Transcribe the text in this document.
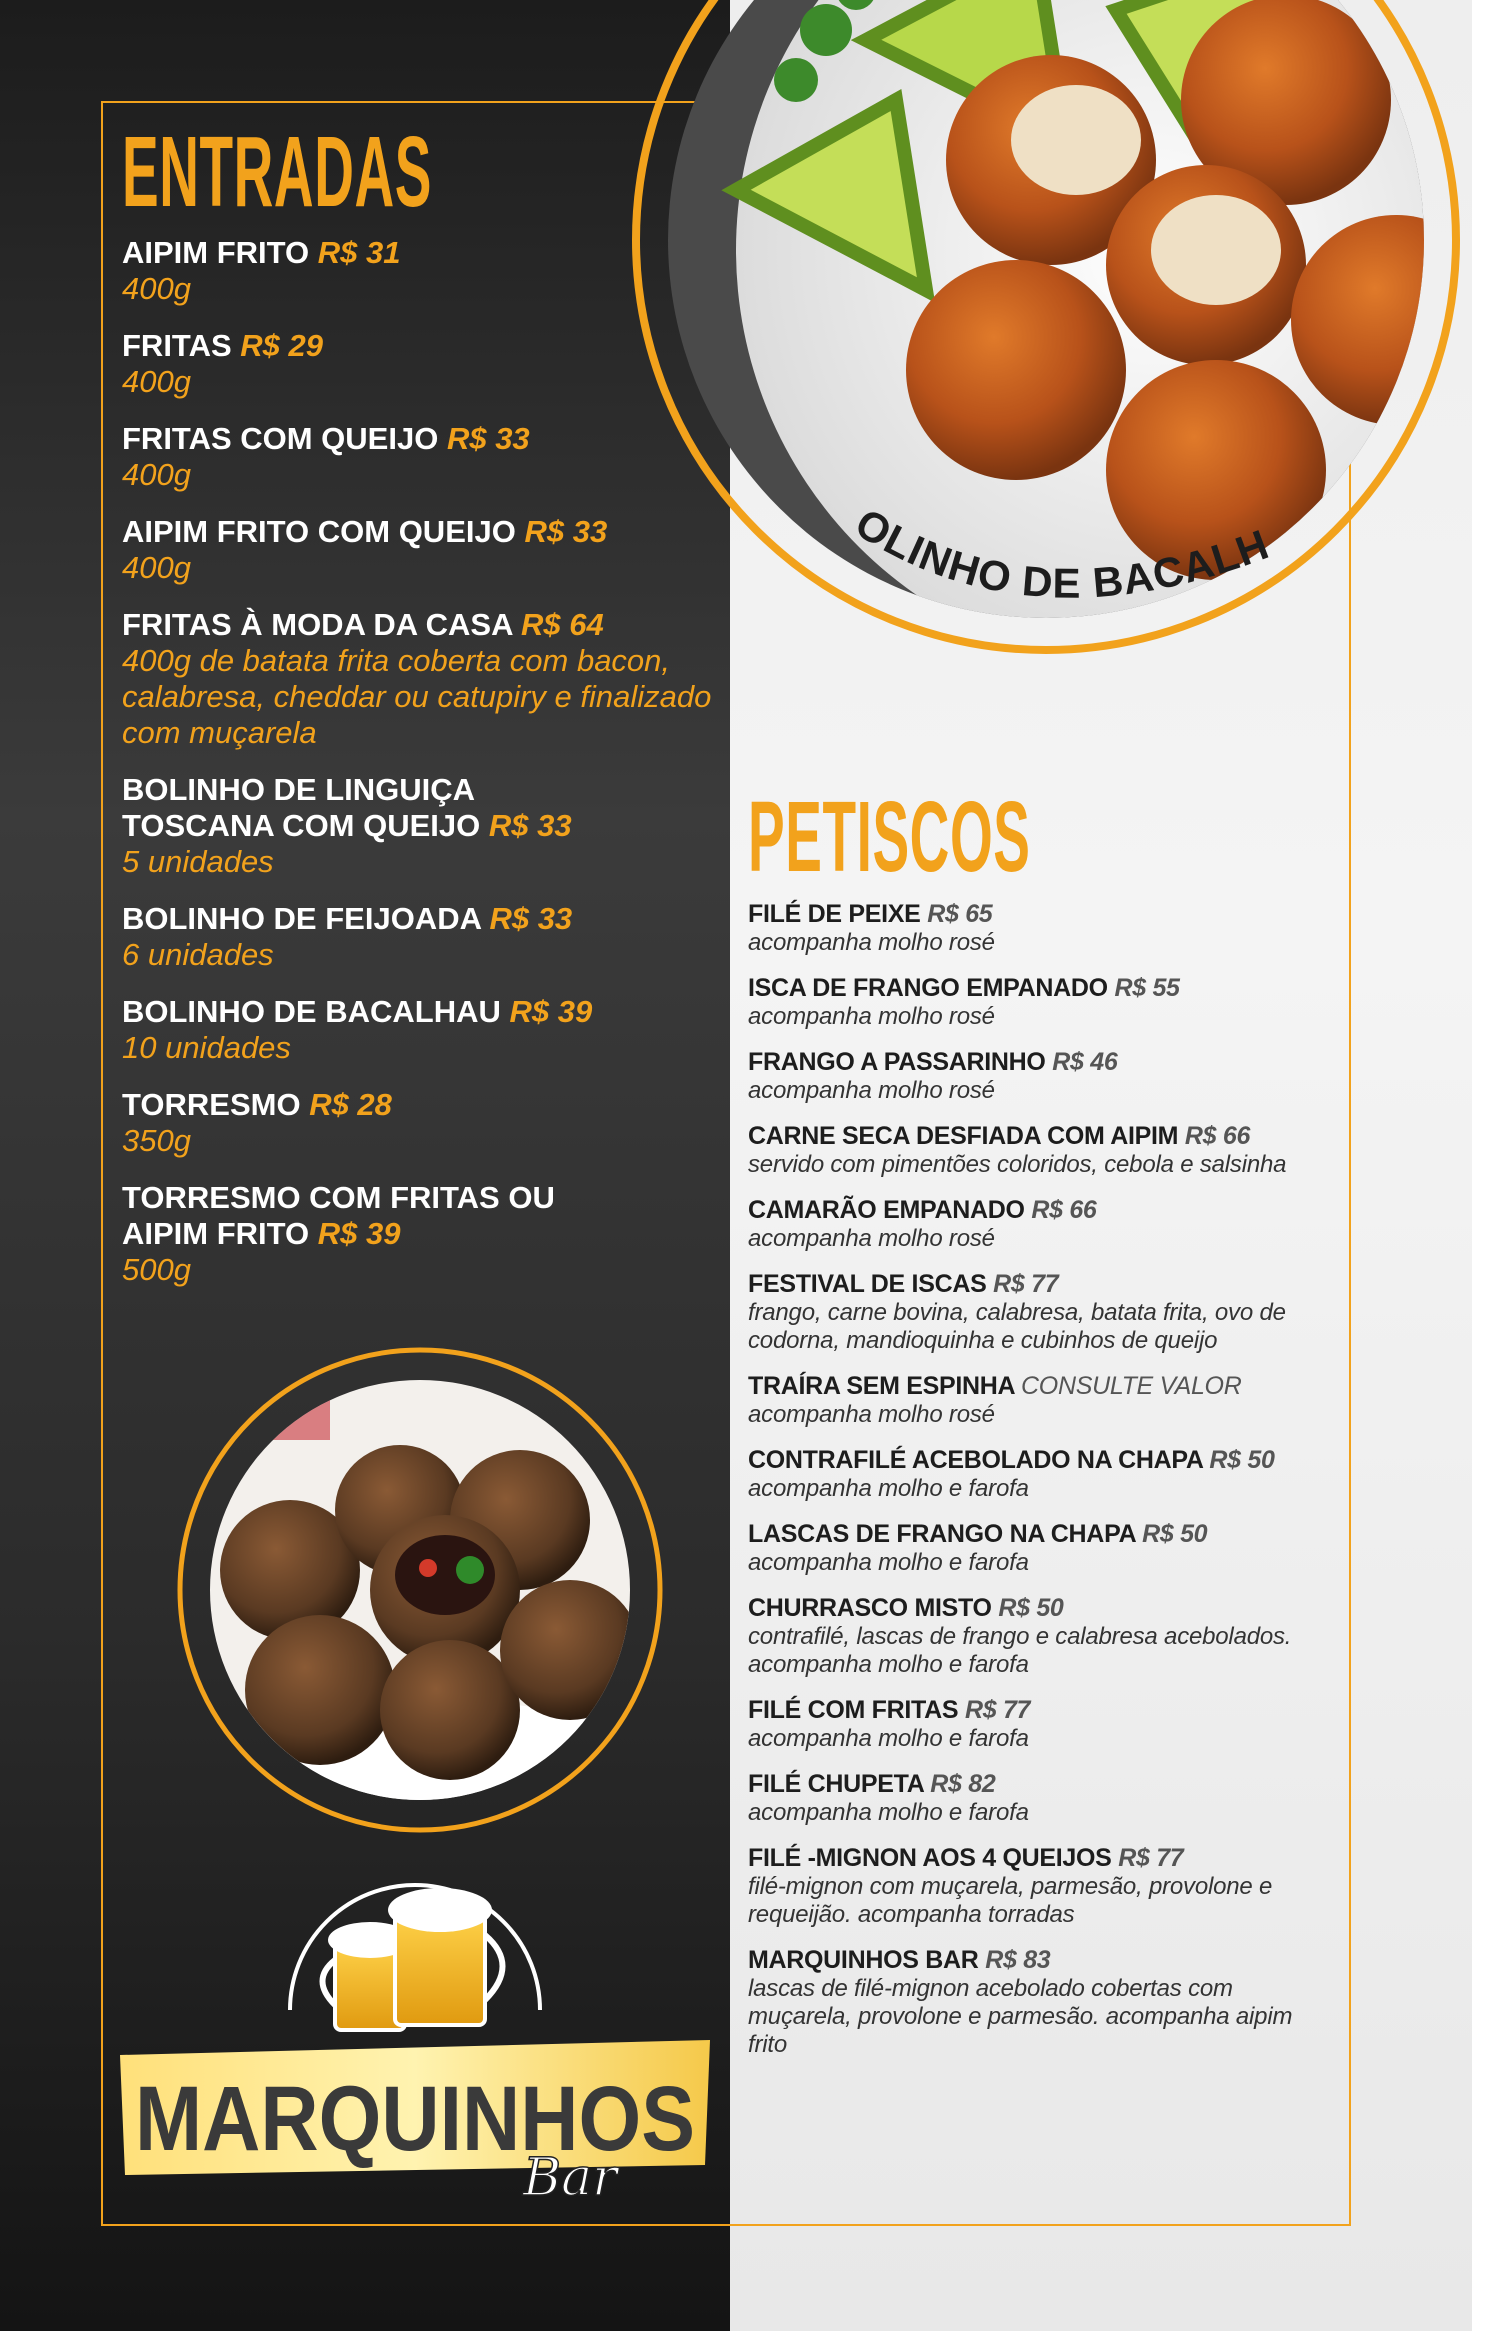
OLINHO DE BACALH
ENTRADAS
PETISCOS
AIPIM FRITO R$ 31
400g
FRITAS R$ 29
400g
FRITAS COM QUEIJO R$ 33
400g
AIPIM FRITO COM QUEIJO R$ 33
400g
FRITAS À MODA DA CASA R$ 64
400g de batata frita coberta com bacon, calabresa, cheddar ou catupiry e finalizado com muçarela
BOLINHO DE LINGUIÇA TOSCANA COM QUEIJO R$ 33
5 unidades
BOLINHO DE FEIJOADA R$ 33
6 unidades
BOLINHO DE BACALHAU R$ 39
10 unidades
TORRESMO R$ 28
350g
TORRESMO COM FRITAS OU AIPIM FRITO R$ 39
500g
FILÉ DE PEIXE R$ 65
acompanha molho rosé
ISCA DE FRANGO EMPANADO R$ 55
acompanha molho rosé
FRANGO A PASSARINHO R$ 46
acompanha molho rosé
CARNE SECA DESFIADA COM AIPIM R$ 66
servido com pimentões coloridos, cebola e salsinha
CAMARÃO EMPANADO R$ 66
acompanha molho rosé
FESTIVAL DE ISCAS R$ 77
frango, carne bovina, calabresa, batata frita, ovo de codorna, mandioquinha e cubinhos de queijo
TRAÍRA SEM ESPINHA CONSULTE VALOR
acompanha molho rosé
CONTRAFILÉ ACEBOLADO NA CHAPA R$ 50
acompanha molho e farofa
LASCAS DE FRANGO NA CHAPA R$ 50
acompanha molho e farofa
CHURRASCO MISTO R$ 50
contrafilé, lascas de frango e calabresa acebolados. acompanha molho e farofa
FILÉ COM FRITAS R$ 77
acompanha molho e farofa
FILÉ CHUPETA R$ 82
acompanha molho e farofa
FILÉ -MIGNON AOS 4 QUEIJOS R$ 77
filé-mignon com muçarela, parmesão, provolone e requeijão. acompanha torradas
MARQUINHOS BAR R$ 83
lascas de filé-mignon acebolado cobertas com muçarela, provolone e parmesão. acompanha aipim frito
MARQUINHOS
Bar
